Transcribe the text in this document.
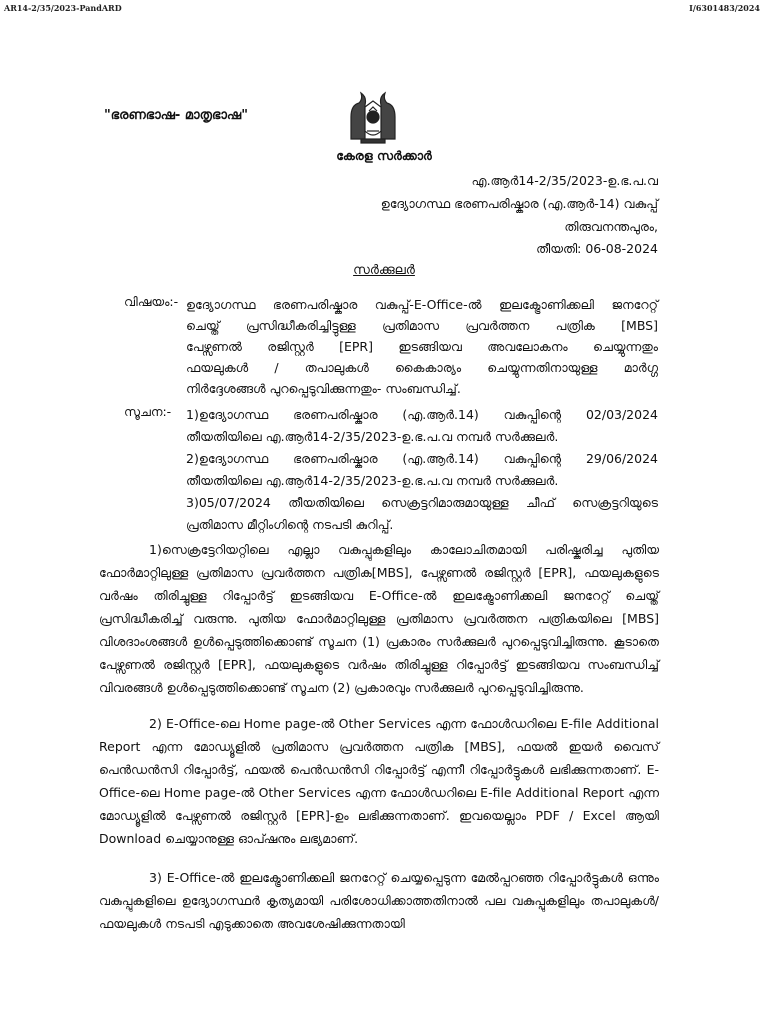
AR14-2/35/2023-PandARD	I/6301483/2024
"ഭരണഭാഷ- മാതൃഭാഷ"
കേരള സർക്കാർ
എ.ആർ14-2/35/2023-ഉ.ഭ.പ.വ
ഉദ്യോഗസ്ഥ ഭരണപരിഷ്കാര (എ.ആർ-14) വകുപ്പ്
തിരുവനന്തപുരം,
തീയതി: 06-08-2024
സർക്കുലർ
വിഷയം:- ഉദ്യോഗസ്ഥ ഭരണപരിഷ്കാര വകുപ്പ്-E-Office-ൽ ഇലക്ട്രോണിക്കലി ജനറേറ്റ്
ചെയ്ത് പ്രസിദ്ധീകരിച്ചിട്ടുള്ള പ്രതിമാസ പ്രവർത്തന പത്രിക [MBS]
പേഴ്സണൽ രജിസ്റ്റർ [EPR] ഇടങ്ങിയവ അവലോകനം ചെയ്യുന്നതും
ഫയലുകൾ / തപാലുകൾ കൈകാര്യം ചെയ്യുന്നതിനായുള്ള മാർഗ്ഗ
നിർദ്ദേശങ്ങൾ പുറപ്പെടുവിക്കുന്നതും- സംബന്ധിച്ച്.
സൂചന:- 1)ഉദ്യോഗസ്ഥ ഭരണപരിഷ്കാര (എ.ആർ.14) വകുപ്പിന്റെ 02/03/2024
തീയതിയിലെ എ.ആർ14-2/35/2023-ഉ.ഭ.പ.വ നമ്പർ സർക്കുലർ.
2)ഉദ്യോഗസ്ഥ ഭരണപരിഷ്കാര (എ.ആർ.14) വകുപ്പിന്റെ 29/06/2024
തീയതിയിലെ എ.ആർ14-2/35/2023-ഉ.ഭ.പ.വ നമ്പർ സർക്കുലർ.
3)05/07/2024 തീയതിയിലെ സെക്രട്ടറിമാരുമായുള്ള ചീഫ് സെക്രട്ടറിയുടെ
പ്രതിമാസ മീറ്റിംഗിന്റെ നടപടി കുറിപ്പ്.

1)സെക്രട്ടേറിയറ്റിലെ എല്ലാ വകുപ്പുകളിലും കാലോചിതമായി പരിഷ്കരിച്ച പുതിയ ഫോർമാറ്റിലുള്ള പ്രതിമാസ പ്രവർത്തന പത്രിക[MBS], പേഴ്സണൽ രജിസ്റ്റർ [EPR], ഫയലുകളുടെ വർഷം തിരിച്ചുള്ള റിപ്പോർട്ട് ഇടങ്ങിയവ E-Office-ൽ ഇലക്ട്രോണിക്കലി ജനറേറ്റ് ചെയ്ത് പ്രസിദ്ധീകരിച്ച് വരുന്നു. പുതിയ ഫോർമാറ്റിലുള്ള പ്രതിമാസ പ്രവർത്തന പത്രികയിലെ [MBS] വിശദാംശങ്ങൾ ഉൾപ്പെടുത്തിക്കൊണ്ട് സൂചന (1) പ്രകാരം സർക്കുലർ പുറപ്പെടുവിച്ചിരുന്നു. കൂടാതെ പേഴ്സണൽ രജിസ്റ്റർ [EPR], ഫയലുകളുടെ വർഷം തിരിച്ചുള്ള റിപ്പോർട്ട് ഇടങ്ങിയവ സംബന്ധിച്ച് വിവരങ്ങൾ ഉൾപ്പെടുത്തിക്കൊണ്ട് സൂചന (2) പ്രകാരവും സർക്കുലർ പുറപ്പെടുവിച്ചിരുന്നു.

2) E-Office-ലെ Home page-ൽ Other Services എന്ന ഫോൾഡറിലെ E-file Additional Report എന്ന മോഡ്യൂളിൽ പ്രതിമാസ പ്രവർത്തന പത്രിക [MBS], ഫയൽ ഇയർ വൈസ് പെൻഡൻസി റിപ്പോർട്ട്, ഫയൽ പെൻഡൻസി റിപ്പോർട്ട് എന്നീ റിപ്പോർട്ടുകൾ ലഭിക്കുന്നതാണ്. E-Office-ലെ Home page-ൽ Other Services എന്ന ഫോൾഡറിലെ E-file Additional Report എന്ന മോഡ്യൂളിൽ പേഴ്സണൽ രജിസ്റ്റർ [EPR]-ഉം ലഭിക്കുന്നതാണ്. ഇവയെല്ലാം PDF / Excel ആയി Download ചെയ്യാനുള്ള ഓപ്ഷനും ലഭ്യമാണ്.

3) E-Office-ൽ ഇലക്ട്രോണിക്കലി ജനറേറ്റ് ചെയ്യപ്പെടുന്ന മേൽപ്പറഞ്ഞ റിപ്പോർട്ടുകൾ ഒന്നും വകുപ്പുകളിലെ ഉദ്യോഗസ്ഥർ കൃത്യമായി പരിശോധിക്കാത്തതിനാൽ പല വകുപ്പുകളിലും തപാലുകൾ/ഫയലുകൾ നടപടി എടുക്കാതെ അവശേഷിക്കുന്നതായി
